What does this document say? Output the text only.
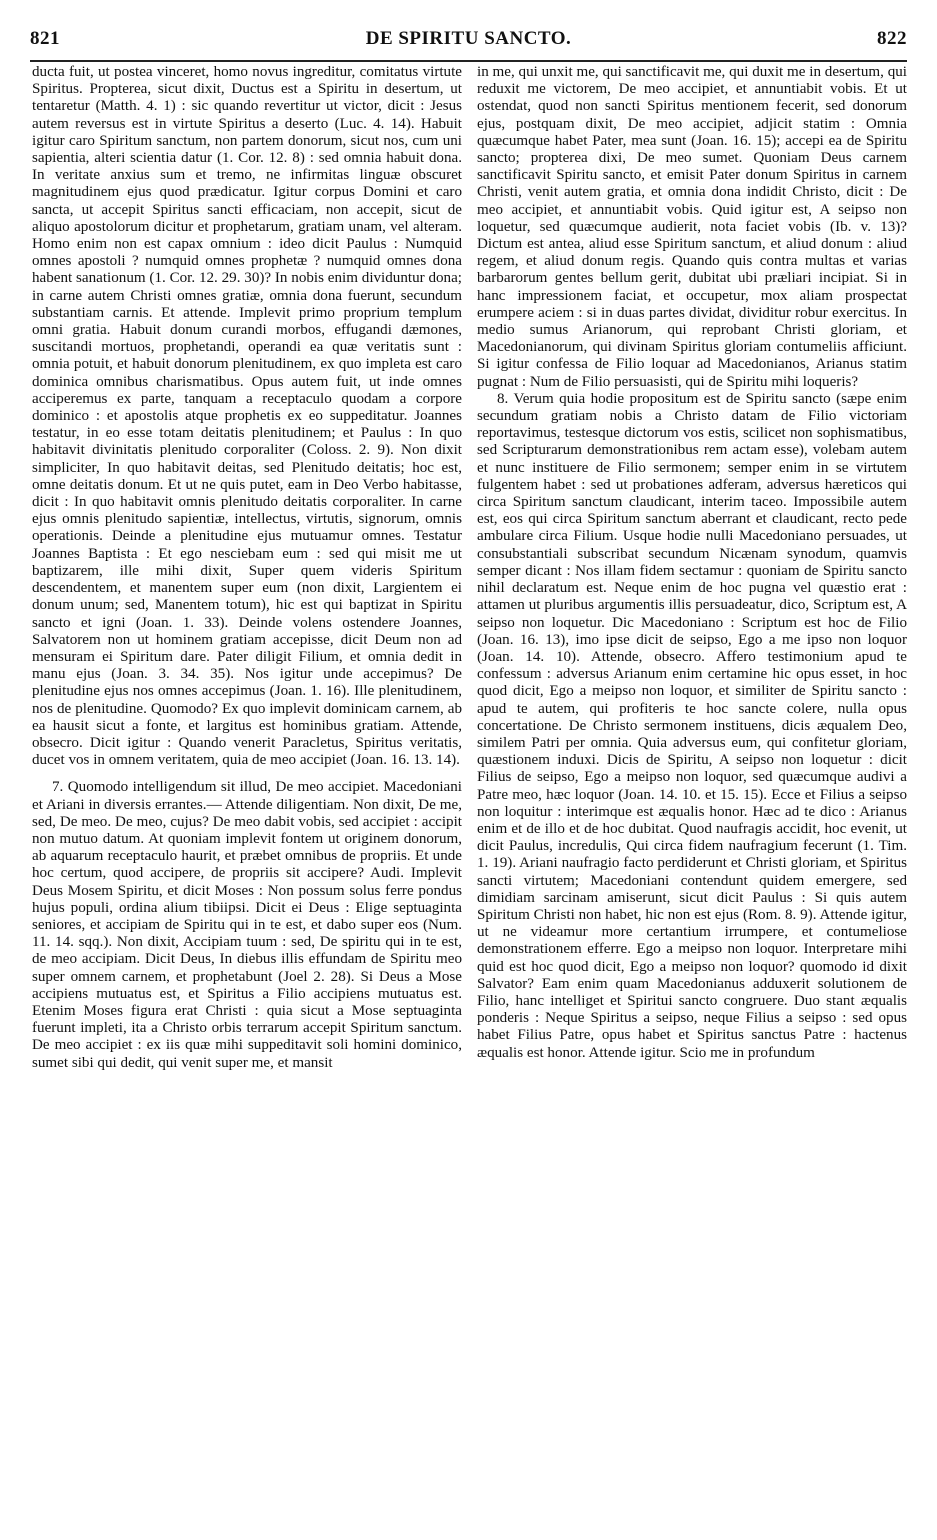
821	DE SPIRITU SANCTO.	822

ducta fuit, ut postea vinceret, homo novus ingreditur, comitatus virtute Spiritus. Propterea, sicut dixit, Ductus est a Spiritu in desertum, ut tentaretur (Matth. 4. 1) : sic quando revertitur ut victor, dicit : Jesus autem reversus est in virtute Spiritus a deserto (Luc. 4. 14). Habuit igitur caro Spiritum sanctum, non partem donorum, sicut nos, cum uni sapientia, alteri scientia datur (1. Cor. 12. 8) : sed omnia habuit dona. In veritate anxius sum et tremo, ne infirmitas linguæ obscuret magnitudinem ejus quod prædicatur. Igitur corpus Domini et caro sancta, ut accepit Spiritus sancti efficaciam, non accepit, sicut de aliquo apostolorum dicitur et prophetarum, gratiam unam, vel alteram. Homo enim non est capax omnium : ideo dicit Paulus : Numquid omnes apostoli ? numquid omnes prophetæ ? numquid omnes dona habent sanationum (1. Cor. 12. 29. 30)? In nobis enim dividuntur dona; in carne autem Christi omnes gratiæ, omnia dona fuerunt, secundum substantiam carnis. Et attende. Implevit primo proprium templum omni gratia. Habuit donum curandi morbos, effugandi dæmones, suscitandi mortuos, prophetandi, operandi ea quæ veritatis sunt : omnia potuit, et habuit donorum plenitudinem, ex quo impleta est caro dominica omnibus charismatibus. Opus autem fuit, ut inde omnes acciperemus ex parte, tanquam a receptaculo quodam a corpore dominico : et apostolis atque prophetis ex eo suppeditatur. Joannes testatur, in eo esse totam deitatis plenitudinem; et Paulus : In quo habitavit divinitatis plenitudo corporaliter (Coloss. 2. 9). Non dixit simpliciter, In quo habitavit deitas, sed Plenitudo deitatis; hoc est, omne deitatis donum. Et ut ne quis putet, eam in Deo Verbo habitasse, dicit : In quo habitavit omnis plenitudo deitatis corporaliter. In carne ejus omnis plenitudo sapientiæ, intellectus, virtutis, signorum, omnis operationis. Deinde a plenitudine ejus mutuamur omnes. Testatur Joannes Baptista : Et ego nesciebam eum : sed qui misit me ut baptizarem, ille mihi dixit, Super quem videris Spiritum descendentem, et manentem super eum (non dixit, Largientem ei donum unum; sed, Manentem totum), hic est qui baptizat in Spiritu sancto et igni (Joan. 1. 33). Deinde volens ostendere Joannes, Salvatorem non ut hominem gratiam accepisse, dicit Deum non ad mensuram ei Spiritum dare. Pater diligit Filium, et omnia dedit in manu ejus (Joan. 3. 34. 35). Nos igitur unde accepimus? De plenitudine ejus nos omnes accepimus (Joan. 1. 16). Ille plenitudinem, nos de plenitudine. Quomodo? Ex quo implevit dominicam carnem, ab ea hausit sicut a fonte, et largitus est hominibus gratiam. Attende, obsecro. Dicit igitur : Quando venerit Paracletus, Spiritus veritatis, ducet vos in omnem veritatem, quia de meo accipiet (Joan. 16. 13. 14).

7. Quomodo intelligendum sit illud, De meo accipiet. Macedoniani et Ariani in diversis errantes.— Attende diligentiam. Non dixit, De me, sed, De meo. De meo, cujus? De meo dabit vobis, sed accipiet : accipit non mutuo datum. At quoniam implevit fontem ut originem donorum, ab aquarum receptaculo haurit, et præbet omnibus de propriis. Et unde hoc certum, quod accipere, de propriis sit accipere? Audi. Implevit Deus Mosem Spiritu, et dicit Moses : Non possum solus ferre pondus hujus populi, ordina alium tibiipsi. Dicit ei Deus : Elige septuaginta seniores, et accipiam de Spiritu qui in te est, et dabo super eos (Num. 11. 14. sqq.). Non dixit, Accipiam tuum : sed, De spiritu qui in te est, de meo accipiam. Dicit Deus, In diebus illis effundam de Spiritu meo super omnem carnem, et prophetabunt (Joel 2. 28). Si Deus a Mose accipiens mutuatus est, et Spiritus a Filio accipiens mutuatus est. Etenim Moses figura erat Christi : quia sicut a Mose septuaginta fuerunt impleti, ita a Christo orbis terrarum accepit Spiritum sanctum. De meo accipiet : ex iis quæ mihi suppeditavit soli homini dominico, sumet sibi qui dedit, qui venit super me, et mansit

in me, qui unxit me, qui sanctificavit me, qui duxit me in desertum, qui reduxit me victorem, De meo accipiet, et annuntiabit vobis. Et ut ostendat, quod non sancti Spiritus mentionem fecerit, sed donorum ejus, postquam dixit, De meo accipiet, adjicit statim : Omnia quæcumque habet Pater, mea sunt (Joan. 16. 15); accepi ea de Spiritu sancto; propterea dixi, De meo sumet. Quoniam Deus carnem sanctificavit Spiritu sancto, et emisit Pater donum Spiritus in carnem Christi, venit autem gratia, et omnia dona indidit Christo, dicit : De meo accipiet, et annuntiabit vobis. Quid igitur est, A seipso non loquetur, sed quæcumque audierit, nota faciet vobis (Ib. v. 13)? Dictum est antea, aliud esse Spiritum sanctum, et aliud donum : aliud regem, et aliud donum regis. Quando quis contra multas et varias barbarorum gentes bellum gerit, dubitat ubi præliari incipiat. Si in hanc impressionem faciat, et occupetur, mox aliam prospectat erumpere aciem : si in duas partes dividat, dividitur robur exercitus. In medio sumus Arianorum, qui reprobant Christi gloriam, et Macedonianorum, qui divinam Spiritus gloriam contumeliis afficiunt. Si igitur confessa de Filio loquar ad Macedonianos, Arianus statim pugnat : Num de Filio persuasisti, qui de Spiritu mihi loqueris?

8. Verum quia hodie propositum est de Spiritu sancto (sæpe enim secundum gratiam nobis a Christo datam de Filio victoriam reportavimus, testesque dictorum vos estis, scilicet non sophismatibus, sed Scripturarum demonstrationibus rem actam esse), volebam autem et nunc instituere de Filio sermonem; semper enim in se virtutem fulgentem habet : sed ut probationes adferam, adversus hæreticos qui circa Spiritum sanctum claudicant, interim taceo. Impossibile autem est, eos qui circa Spiritum sanctum aberrant et claudicant, recto pede ambulare circa Filium. Usque hodie nulli Macedoniano persuades, ut consubstantiali subscribat secundum Nicænam synodum, quamvis semper dicant : Nos illam fidem sectamur : quoniam de Spiritu sancto nihil declaratum est. Neque enim de hoc pugna vel quæstio erat : attamen ut pluribus argumentis illis persuadeatur, dico, Scriptum est, A seipso non loquetur. Dic Macedoniano : Scriptum est hoc de Filio (Joan. 16. 13), imo ipse dicit de seipso, Ego a me ipso non loquor (Joan. 14. 10). Attende, obsecro. Affero testimonium apud te confessum : adversus Arianum enim certamine hic opus esset, in hoc quod dicit, Ego a meipso non loquor, et similiter de Spiritu sancto : apud te autem, qui profiteris te hoc sancte colere, nulla opus concertatione. De Christo sermonem instituens, dicis æqualem Deo, similem Patri per omnia. Quia adversus eum, qui confitetur gloriam, quæstionem induxi. Dicis de Spiritu, A seipso non loquetur : dicit Filius de seipso, Ego a meipso non loquor, sed quæcumque audivi a Patre meo, hæc loquor (Joan. 14. 10. et 15. 15). Ecce et Filius a seipso non loquitur : interimque est æqualis honor. Hæc ad te dico : Arianus enim et de illo et de hoc dubitat. Quod naufragis accidit, hoc evenit, ut dicit Paulus, incredulis, Qui circa fidem naufragium fecerunt (1. Tim. 1. 19). Ariani naufragio facto perdiderunt et Christi gloriam, et Spiritus sancti virtutem; Macedoniani contendunt quidem emergere, sed dimidiam sarcinam amiserunt, sicut dicit Paulus : Si quis autem Spiritum Christi non habet, hic non est ejus (Rom. 8. 9). Attende igitur, ut ne videamur more certantium irrumpere, et contumeliose demonstrationem efferre. Ego a meipso non loquor. Interpretare mihi quid est hoc quod dicit, Ego a meipso non loquor? quomodo id dixit Salvator? Eam enim quam Macedonianus adduxerit solutionem de Filio, hanc intelliget et Spiritui sancto congruere. Duo stant æqualis ponderis : Neque Spiritus a seipso, neque Filius a seipso : sed opus habet Filius Patre, opus habet et Spiritus sanctus Patre : hactenus æqualis est honor. Attende igitur. Scio me in profundum
